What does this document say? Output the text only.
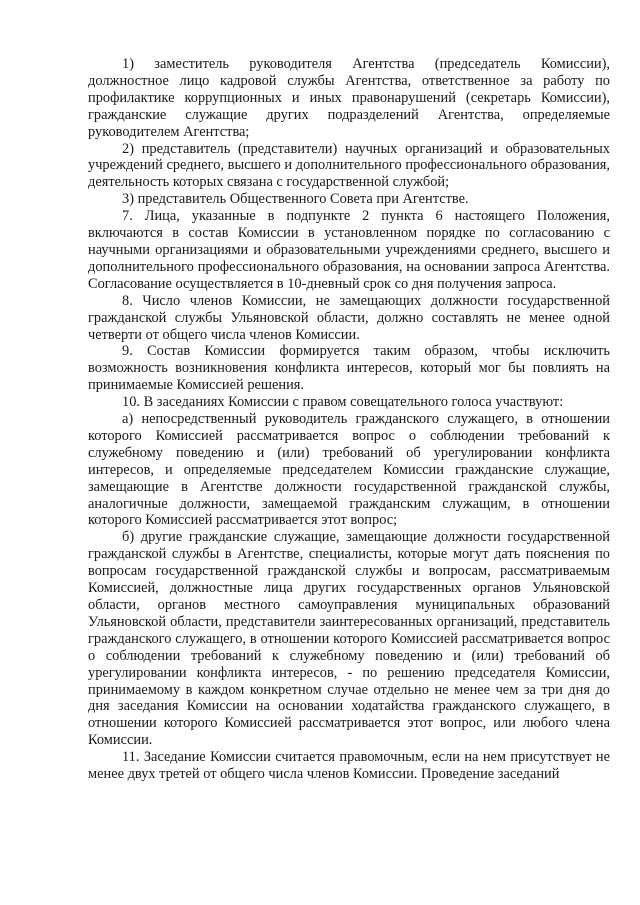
1) заместитель руководителя Агентства (председатель Комиссии), должностное лицо кадровой службы Агентства, ответственное за работу по профилактике коррупционных и иных правонарушений (секретарь Комиссии), гражданские служащие других подразделений Агентства, определяемые руководителем Агентства;

2) представитель (представители) научных организаций и образовательных учреждений среднего, высшего и дополнительного профессионального образования, деятельность которых связана с государственной службой;

3) представитель Общественного Совета при Агентстве.

7. Лица, указанные в подпункте 2 пункта 6 настоящего Положения, включаются в состав Комиссии в установленном порядке по согласованию с научными организациями и образовательными учреждениями среднего, высшего и дополнительного профессионального образования, на основании запроса Агентства. Согласование осуществляется в 10-дневный срок со дня получения запроса.

8. Число членов Комиссии, не замещающих должности государственной гражданской службы Ульяновской области, должно составлять не менее одной четверти от общего числа членов Комиссии.

9. Состав Комиссии формируется таким образом, чтобы исключить возможность возникновения конфликта интересов, который мог бы повлиять на принимаемые Комиссией решения.

10. В заседаниях Комиссии с правом совещательного голоса участвуют:

а) непосредственный руководитель гражданского служащего, в отношении которого Комиссией рассматривается вопрос о соблюдении требований к служебному поведению и (или) требований об урегулировании конфликта интересов, и определяемые председателем Комиссии гражданские служащие, замещающие в Агентстве должности государственной гражданской службы, аналогичные должности, замещаемой гражданским служащим, в отношении которого Комиссией рассматривается этот вопрос;

б) другие гражданские служащие, замещающие должности государственной гражданской службы в Агентстве, специалисты, которые могут дать пояснения по вопросам государственной гражданской службы и вопросам, рассматриваемым Комиссией, должностные лица других государственных органов Ульяновской области, органов местного самоуправления муниципальных образований Ульяновской области, представители заинтересованных организаций, представитель гражданского служащего, в отношении которого Комиссией рассматривается вопрос о соблюдении требований к служебному поведению и (или) требований об урегулировании конфликта интересов, - по решению председателя Комиссии, принимаемому в каждом конкретном случае отдельно не менее чем за три дня до дня заседания Комиссии на основании ходатайства гражданского служащего, в отношении которого Комиссией рассматривается этот вопрос, или любого члена Комиссии.

11. Заседание Комиссии считается правомочным, если на нем присутствует не менее двух третей от общего числа членов Комиссии. Проведение заседаний
